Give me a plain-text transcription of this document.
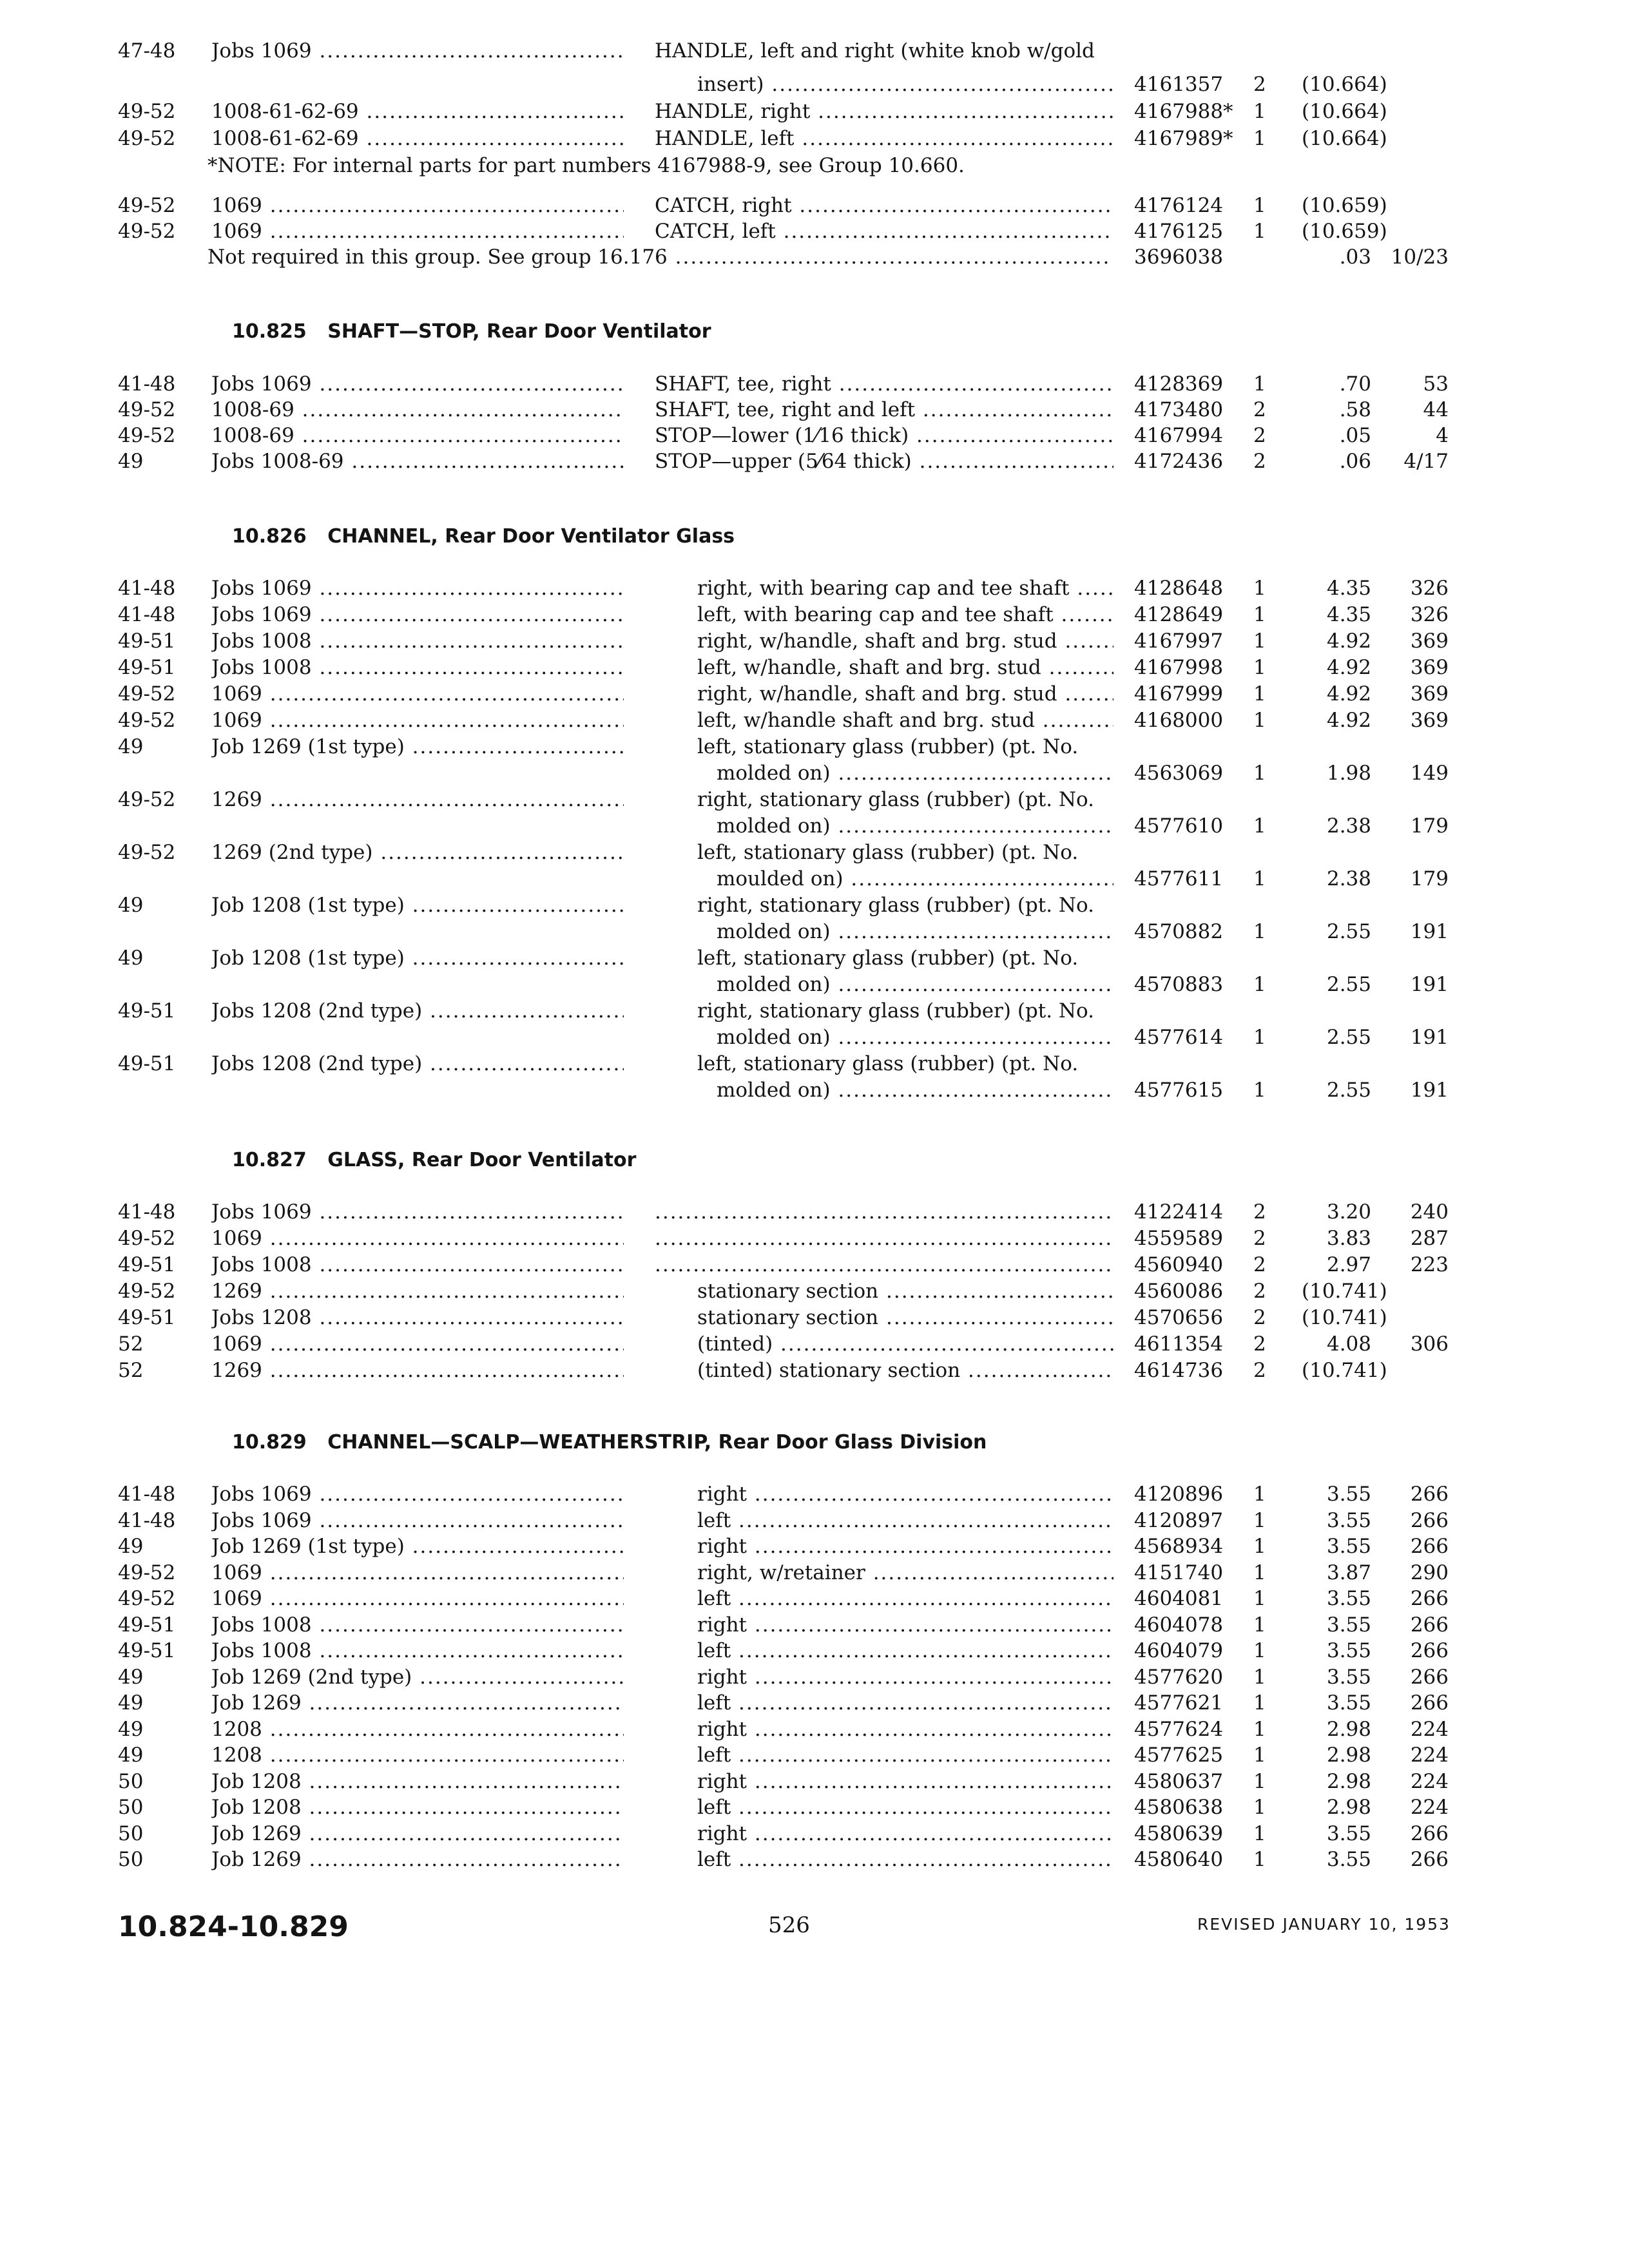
47-48 Jobs 1069 .....	HANDLE, left and right (white knob w/gold
insert) .....	4161357 2 (10.664)
49-52 1008-61-62-69 .....	HANDLE, right .....	4167988* 1 (10.664)
49-52 1008-61-62-69 .....	HANDLE, left .....	4167989* 1 (10.664)
*NOTE: For internal parts for part numbers 4167988-9, see Group 10.660.
49-52 1069 .....	CATCH, right .....	4176124 1 (10.659)
49-52 1069 .....	CATCH, left .....	4176125 1 (10.659)
Not required in this group. See group 16.176 .....	3696038	.03 10/23
10.825 SHAFT—STOP, Rear Door Ventilator
41-48 Jobs 1069 .....	SHAFT, tee, right .....	4128369 1	.70	53
49-52 1008-69 .....	SHAFT, tee, right and left .....	4173480 2	.58	44
49-52 1008-69 .....	STOP—lower (1⁄16 thick) .....	4167994 2	.05	4
49	Jobs 1008-69 .....	STOP—upper (5⁄64 thick) .....	4172436 2	.06	4/17
10.826 CHANNEL, Rear Door Ventilator Glass
41-48 Jobs 1069 .....	right, with bearing cap and tee shaft .....	4128648 1	4.35	326
41-48 Jobs 1069 .....	left, with bearing cap and tee shaft .....	4128649 1	4.35	326
49-51 Jobs 1008 .....	right, w/handle, shaft and brg. stud .....	4167997 1	4.92	369
49-51 Jobs 1008 .....	left, w/handle, shaft and brg. stud .....	4167998 1	4.92	369
49-52 1069 .....	right, w/handle, shaft and brg. stud .....	4167999 1	4.92	369
49-52 1069 .....	left, w/handle shaft and brg. stud .....	4168000 1	4.92	369
49	Job 1269 (1st type) .....	left, stationary glass (rubber) (pt. No.
molded on) .....	4563069 1	1.98	149
49-52 1269 .....	right, stationary glass (rubber) (pt. No.
molded on) .....	4577610 1	2.38	179
49-52 1269 (2nd type) .....	left, stationary glass (rubber) (pt. No.
moulded on) .....	4577611 1	2.38	179
49	Job 1208 (1st type) .....	right, stationary glass (rubber) (pt. No.
molded on) .....	4570882 1	2.55	191
49	Job 1208 (1st type) .....	left, stationary glass (rubber) (pt. No.
molded on) .....	4570883 1	2.55	191
49-51 Jobs 1208 (2nd type) .....	right, stationary glass (rubber) (pt. No.
molded on) .....	4577614 1	2.55	191
49-51 Jobs 1208 (2nd type) .....	left, stationary glass (rubber) (pt. No.
molded on) .....	4577615 1	2.55	191
10.827 GLASS, Rear Door Ventilator
41-48 Jobs 1069 ..... .....	4122414 2	3.20	240
49-52 1069 ..... .....	4559589 2	3.83	287
49-51 Jobs 1008 ..... .....	4560940 2	2.97	223
49-52 1269 .....	stationary section .....	4560086 2 (10.741)
49-51 Jobs 1208 .....	stationary section .....	4570656 2 (10.741)
52	1069 .....	(tinted) .....	4611354 2	4.08	306
52	1269 .....	(tinted) stationary section .....	4614736 2 (10.741)
10.829 CHANNEL—SCALP—WEATHERSTRIP, Rear Door Glass Division
41-48 Jobs 1069 .....	right .....	4120896 1	3.55	266
41-48 Jobs 1069 .....	left .....	4120897 1	3.55	266
49	Job 1269 (1st type) .....	right .....	4568934 1	3.55	266
49-52 1069 .....	right, w/retainer .....	4151740 1	3.87	290
49-52 1069 .....	left .....	4604081 1	3.55	266
49-51 Jobs 1008 .....	right .....	4604078 1	3.55	266
49-51 Jobs 1008 .....	left .....	4604079 1	3.55	266
49	Job 1269 (2nd type) .....	right .....	4577620 1	3.55	266
49	Job 1269 .....	left .....	4577621 1	3.55	266
49	1208 .....	right .....	4577624 1	2.98	224
49	1208 .....	left .....	4577625 1	2.98	224
50	Job 1208 .....	right .....	4580637 1	2.98	224
50	Job 1208 .....	left .....	4580638 1	2.98	224
50	Job 1269 .....	right .....	4580639 1	3.55	266
50	Job 1269 .....	left .....	4580640 1	3.55	266
10.824-10.829	526	REVISED JANUARY 10, 1953
